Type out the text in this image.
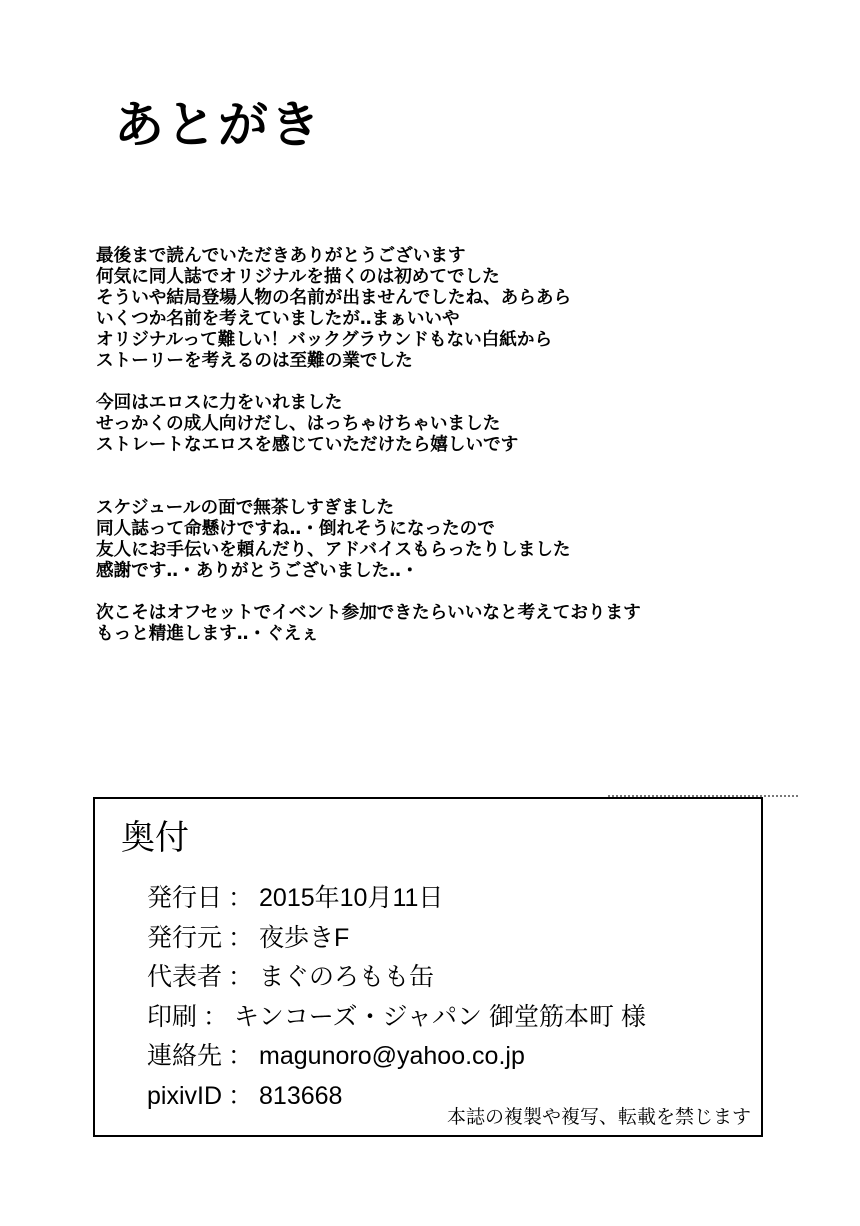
あとがき
最後まで読んでいただきありがとうございます
何気に同人誌でオリジナルを描くのは初めてでした
そういや結局登場人物の名前が出ませんでしたね、あらあら
いくつか名前を考えていましたが‥まぁいいや
オリジナルって難しい！バックグラウンドもない白紙から
ストーリーを考えるのは至難の業でした
今回はエロスに力をいれました
せっかくの成人向けだし、はっちゃけちゃいました
ストレートなエロスを感じていただけたら嬉しいです
スケジュールの面で無茶しすぎました
同人誌って命懸けですね‥・倒れそうになったので
友人にお手伝いを頼んだり、アドバイスもらったりしました
感謝です‥・ありがとうございました‥・
次こそはオフセットでイベント参加できたらいいなと考えております
もっと精進します‥・ぐえぇ
奥付
発行日 ： 2015年10月11日
発行元 ： 夜歩きF
代表者 ： まぐのろもも缶
印刷 ： キンコーズ・ジャパン 御堂筋本町 様
連絡先 ： magunoro@yahoo.co.jp
pixivID ： 813668
本誌の複製や複写、転載を禁じます
